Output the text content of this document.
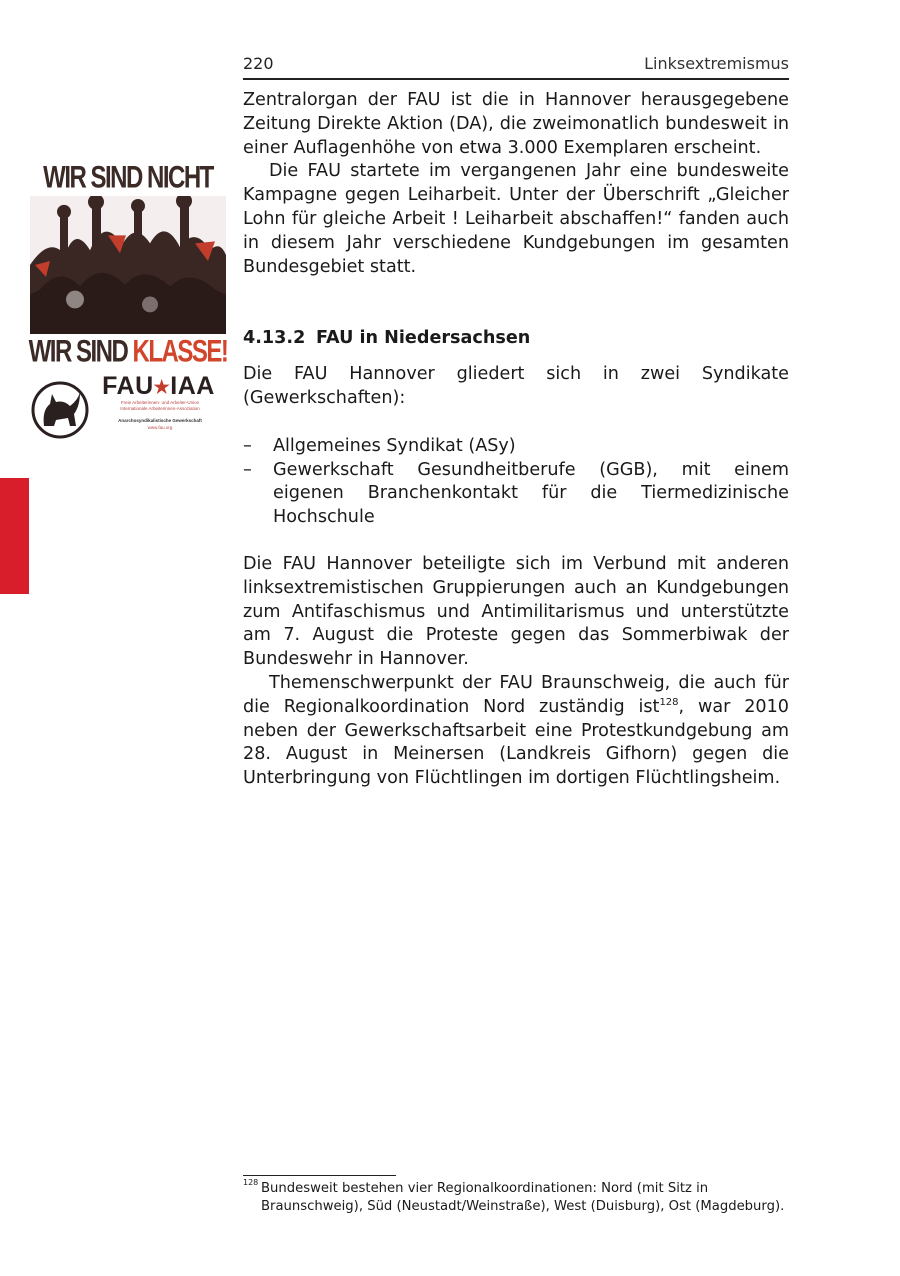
220	Linksextremismus
WIR SIND NICHT
WIR SIND KLASSE!
FAU★IAA
Freie Arbeiterinnen- und Arbeiter-Union
Internationale Arbeiterinnen-Assoziation
Anarchosyndikalistische Gewerkschaft
www.fau.org

Zentralorgan der FAU ist die in Hannover herausgegebene Zeitung Direkte Aktion (DA), die zweimonatlich bundesweit in einer Auflagenhöhe von etwa 3.000 Exemplaren erscheint.

Die FAU startete im vergangenen Jahr eine bundesweite Kampagne gegen Leiharbeit. Unter der Überschrift „Gleicher Lohn für gleiche Arbeit ! Leiharbeit abschaffen!“ fanden auch in diesem Jahr verschiedene Kundgebungen im gesamten Bundesgebiet statt.

4.13.2 FAU in Niedersachsen

Die FAU Hannover gliedert sich in zwei Syndikate (Gewerkschaften):

– Allgemeines Syndikat (ASy)
– Gewerkschaft Gesundheitberufe (GGB), mit einem eigenen Branchenkontakt für die Tiermedizinische Hochschule

Die FAU Hannover beteiligte sich im Verbund mit anderen linksextremistischen Gruppierungen auch an Kundgebungen zum Antifaschismus und Antimilitarismus und unterstützte am 7. August die Proteste gegen das Sommerbiwak der Bundeswehr in Hannover.

Themenschwerpunkt der FAU Braunschweig, die auch für die Regionalkoordination Nord zuständig ist$^{128}$, war 2010 neben der Gewerkschaftsarbeit eine Protestkundgebung am 28. August in Meinersen (Landkreis Gifhorn) gegen die Unterbringung von Flüchtlingen im dortigen Flüchtlingsheim.

128 Bundesweit bestehen vier Regionalkoordinationen: Nord (mit Sitz in Braunschweig), Süd (Neustadt/Weinstraße), West (Duisburg), Ost (Magdeburg).
